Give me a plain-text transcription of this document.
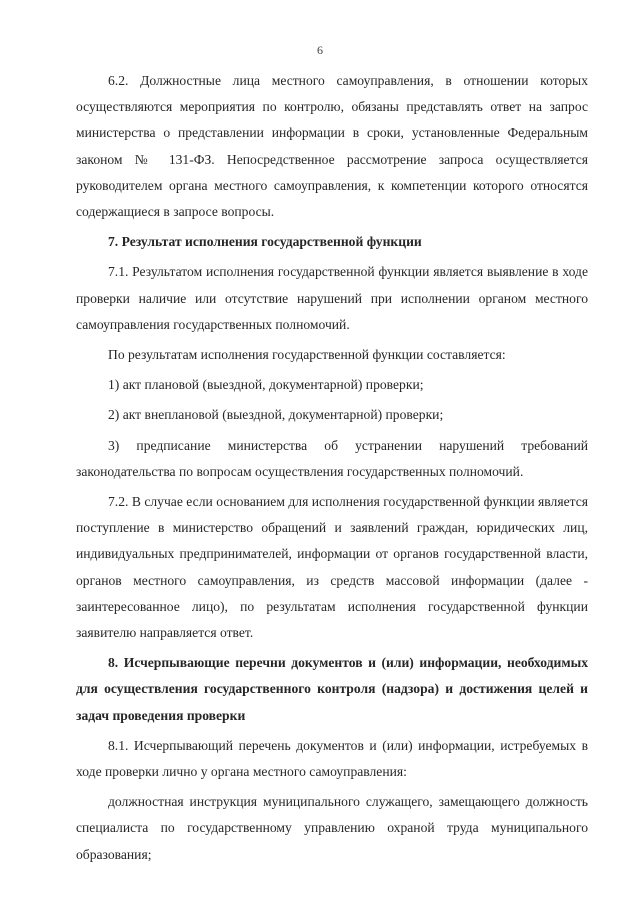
6

6.2. Должностные лица местного самоуправления, в отношении которых осуществляются мероприятия по контролю, обязаны представлять ответ на запрос министерства о представлении информации в сроки, установленные Федеральным законом № 131-ФЗ. Непосредственное рассмотрение запроса осуществляется руководителем органа местного самоуправления, к компетенции которого относятся содержащиеся в запросе вопросы.

7. Результат исполнения государственной функции

7.1. Результатом исполнения государственной функции является выявление в ходе проверки наличие или отсутствие нарушений при исполнении органом местного самоуправления государственных полномочий.

По результатам исполнения государственной функции составляется:

1) акт плановой (выездной, документарной) проверки;

2) акт внеплановой (выездной, документарной) проверки;

3) предписание министерства об устранении нарушений требований законодательства по вопросам осуществления государственных полномочий.

7.2. В случае если основанием для исполнения государственной функции является поступление в министерство обращений и заявлений граждан, юридических лиц, индивидуальных предпринимателей, информации от органов государственной власти, органов местного самоуправления, из средств массовой информации (далее - заинтересованное лицо), по результатам исполнения государственной функции заявителю направляется ответ.

8. Исчерпывающие перечни документов и (или) информации, необходимых для осуществления государственного контроля (надзора) и достижения целей и задач проведения проверки

8.1. Исчерпывающий перечень документов и (или) информации, истребуемых в ходе проверки лично у органа местного самоуправления:

должностная инструкция муниципального служащего, замещающего должность специалиста по государственному управлению охраной труда муниципального образования;
